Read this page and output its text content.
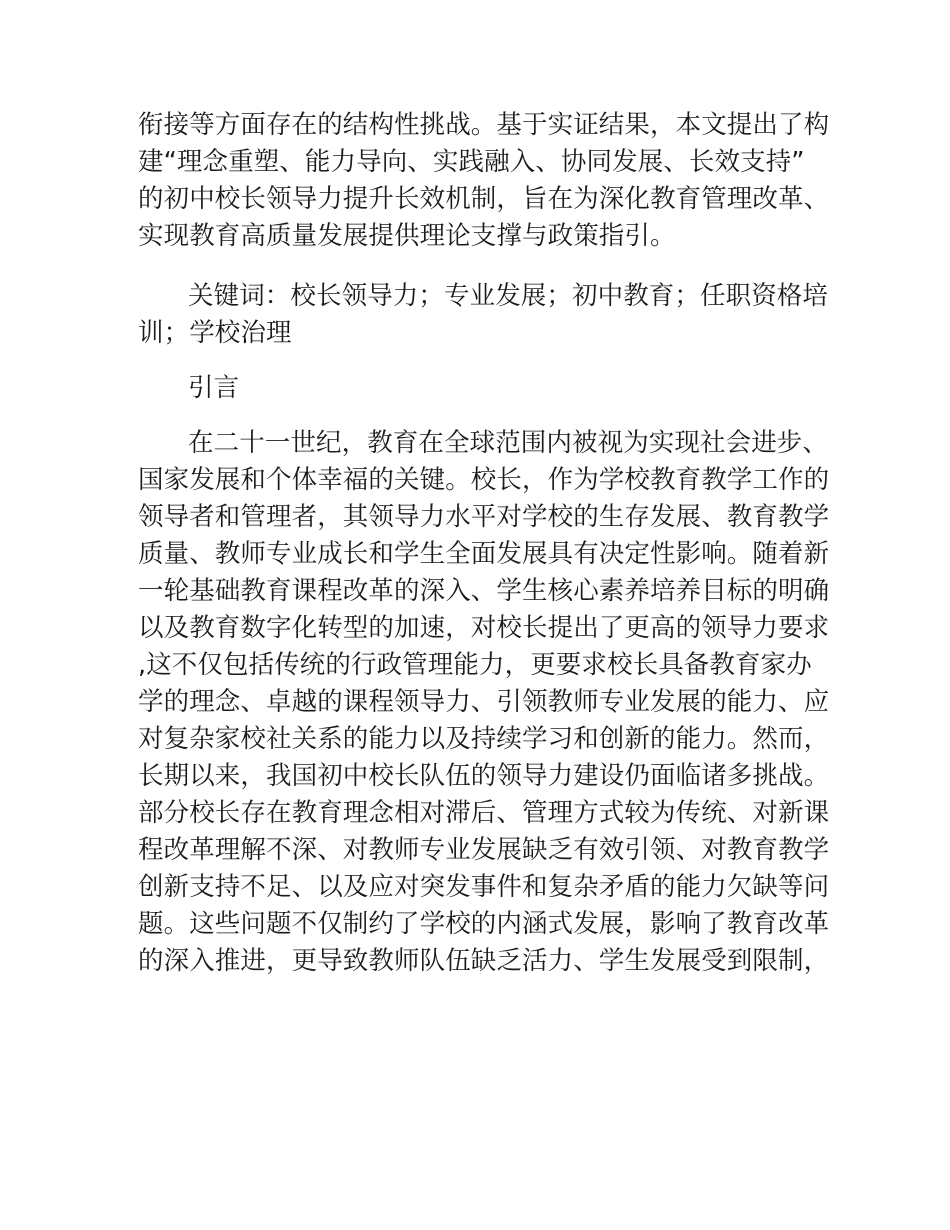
衔接等方面存在的结构性挑战。基于实证结果，本文提出了构
建“理念重塑、能力导向、实践融入、协同发展、长效支持”
的初中校长领导力提升长效机制，旨在为深化教育管理改革、
实现教育高质量发展提供理论支撑与政策指引。
关键词：校长领导力；专业发展；初中教育；任职资格培
训；学校治理
引言
在二十一世纪，教育在全球范围内被视为实现社会进步、
国家发展和个体幸福的关键。校长，作为学校教育教学工作的
领导者和管理者，其领导力水平对学校的生存发展、教育教学
质量、教师专业成长和学生全面发展具有决定性影响。随着新
一轮基础教育课程改革的深入、学生核心素养培养目标的明确
以及教育数字化转型的加速，对校长提出了更高的领导力要求
,这不仅包括传统的行政管理能力，更要求校长具备教育家办
学的理念、卓越的课程领导力、引领教师专业发展的能力、应
对复杂家校社关系的能力以及持续学习和创新的能力。然而，
长期以来，我国初中校长队伍的领导力建设仍面临诸多挑战。
部分校长存在教育理念相对滞后、管理方式较为传统、对新课
程改革理解不深、对教师专业发展缺乏有效引领、对教育教学
创新支持不足、以及应对突发事件和复杂矛盾的能力欠缺等问
题。这些问题不仅制约了学校的内涵式发展，影响了教育改革
的深入推进，更导致教师队伍缺乏活力、学生发展受到限制，
